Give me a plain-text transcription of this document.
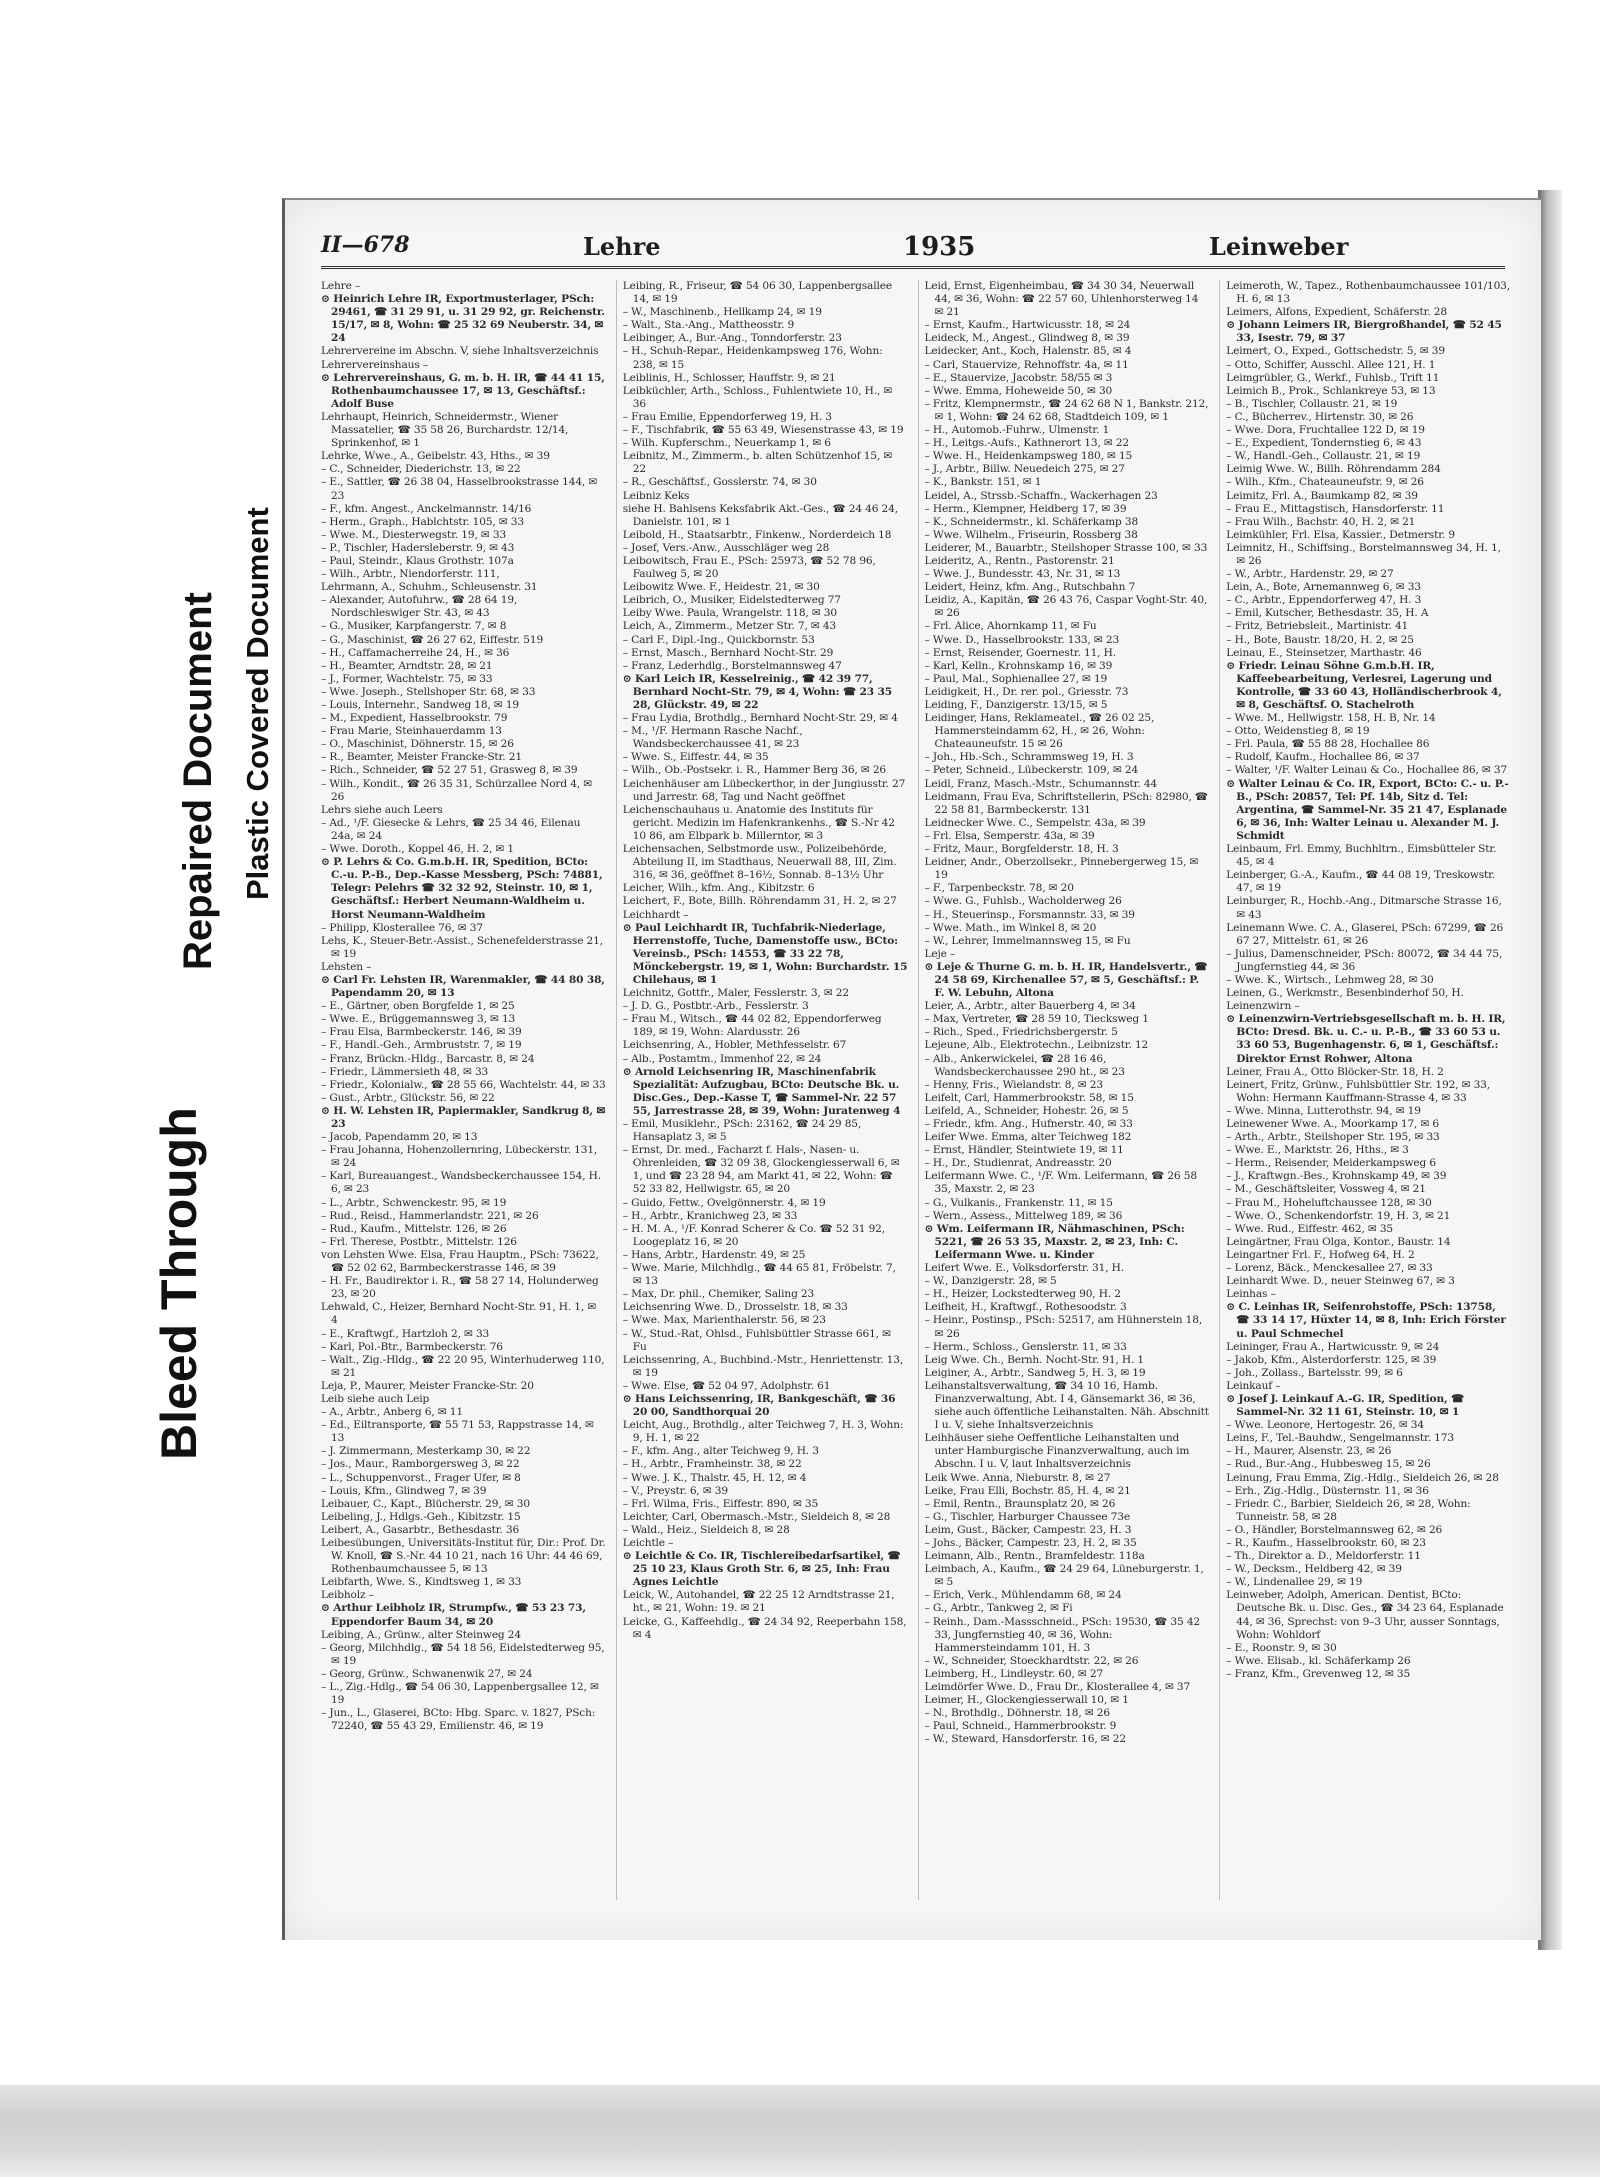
II—678	Lehre	1935	Leinweber

Lehre –

⊙ Heinrich Lehre IR, Exportmusterlager, PSch: 29461, ☎ 31 29 91, u. 31 29 92, gr. Reichenstr. 15/17, ✉ 8, Wohn: ☎ 25 32 69 Neuberstr. 34, ✉ 24

Lehrervereine im Abschn. V, siehe Inhaltsverzeichnis

Lehrervereinshaus –

⊙ Lehrervereinshaus, G. m. b. H. IR, ☎ 44 41 15, Rothenbaumchaussee 17, ✉ 13, Geschäftsf.: Adolf Buse

Lehrhaupt, Heinrich, Schneidermstr., Wiener Massatelier, ☎ 35 58 26, Burchardstr. 12/14, Sprinkenhof, ✉ 1

Lehrke, Wwe., A., Geibelstr. 43, Hths., ✉ 39

– C., Schneider, Diederichstr. 13, ✉ 22

– E., Sattler, ☎ 26 38 04, Hasselbrookstrasse 144, ✉ 23

– F., kfm. Angest., Anckelmannstr. 14/16

– Herm., Graph., Hablchtstr. 105, ✉ 33

– Wwe. M., Diesterwegstr. 19, ✉ 33

– P., Tischler, Hadersleberstr. 9, ✉ 43

– Paul, Steindr., Klaus Grothstr. 107a

– Wilh., Arbtr., Niendorferstr. 111,

Lehrmann, A., Schuhm., Schleusenstr. 31

– Alexander, Autofuhrw., ☎ 28 64 19, Nordschleswiger Str. 43, ✉ 43

– G., Musiker, Karpfangerstr. 7, ✉ 8

– G., Maschinist, ☎ 26 27 62, Eiffestr. 519

– H., Caffamacherreihe 24, H., ✉ 36

– H., Beamter, Arndtstr. 28, ✉ 21

– J., Former, Wachtelstr. 75, ✉ 33

– Wwe. Joseph., Stellshoper Str. 68, ✉ 33

– Louis, Internehr., Sandweg 18, ✉ 19

– M., Expedient, Hasselbrookstr. 79

– Frau Marie, Steinhauerdamm 13

– O., Maschinist, Döhnerstr. 15, ✉ 26

– R., Beamter, Meister Francke-Str. 21

– Rich., Schneider, ☎ 52 27 51, Grasweg 8, ✉ 39

– Wilh., Kondit., ☎ 26 35 31, Schürzallee Nord 4, ✉ 26

Lehrs siehe auch Leers

– Ad., ¹/F. Giesecke & Lehrs, ☎ 25 34 46, Eilenau 24a, ✉ 24

– Wwe. Doroth., Koppel 46, H. 2, ✉ 1

⊙ P. Lehrs & Co. G.m.b.H. IR, Spedition, BCto: C.-u. P.-B., Dep.-Kasse Messberg, PSch: 74881, Telegr: Pelehrs ☎ 32 32 92, Steinstr. 10, ✉ 1, Geschäftsf.: Herbert Neumann-Waldheim u. Horst Neumann-Waldheim

– Philipp, Klosterallee 76, ✉ 37

Lehs, K., Steuer-Betr.-Assist., Schenefelderstrasse 21, ✉ 19

Lehsten –

⊙ Carl Fr. Lehsten IR, Warenmakler, ☎ 44 80 38, Papendamm 20, ✉ 13

– E., Gärtner, oben Borgfelde 1, ✉ 25

– Wwe. E., Brüggemannsweg 3, ✉ 13

– Frau Elsa, Barmbeckerstr. 146, ✉ 39

– F., Handl.-Geh., Armbruststr. 7, ✉ 19

– Franz, Brückn.-Hldg., Barcastr. 8, ✉ 24

– Friedr., Lämmersieth 48, ✉ 33

– Friedr., Kolonialw., ☎ 28 55 66, Wachtelstr. 44, ✉ 33

– Gust., Arbtr., Glückstr. 56, ✉ 22

⊙ H. W. Lehsten IR, Papiermakler, Sandkrug 8, ✉ 23

– Jacob, Papendamm 20, ✉ 13

– Frau Johanna, Hohenzollernring, Lübeckerstr. 131, ✉ 24

– Karl, Bureauangest., Wandsbeckerchaussee 154, H. 6, ✉ 23

– L., Arbtr., Schwenckestr. 95, ✉ 19

– Rud., Reisd., Hammerlandstr. 221, ✉ 26

– Rud., Kaufm., Mittelstr. 126, ✉ 26

– Frl. Therese, Postbtr., Mittelstr. 126

von Lehsten Wwe. Elsa, Frau Hauptm., PSch: 73622, ☎ 52 02 62, Barmbeckerstrasse 146, ✉ 39

– H. Fr., Baudirektor i. R., ☎ 58 27 14, Holunderweg 23, ✉ 20

Lehwald, C., Heizer, Bernhard Nocht-Str. 91, H. 1, ✉ 4

– E., Kraftwgf., Hartzloh 2, ✉ 33

– Karl, Pol.-Btr., Barmbeckerstr. 76

– Walt., Zig.-Hldg., ☎ 22 20 95, Winterhuderweg 110, ✉ 21

Leja, P., Maurer, Meister Francke-Str. 20

Leib siehe auch Leip

– A., Arbtr., Anberg 6, ✉ 11

– Ed., Eiltransporte, ☎ 55 71 53, Rappstrasse 14, ✉ 13

– J. Zimmermann, Mesterkamp 30, ✉ 22

– Jos., Maur., Ramborgersweg 3, ✉ 22

– L., Schuppenvorst., Frager Ufer, ✉ 8

– Louis, Kfm., Glindweg 7, ✉ 39

Leibauer, C., Kapt., Blücherstr. 29, ✉ 30

Leibeling, J., Hdlgs.-Geh., Kibitzstr. 15

Leibert, A., Gasarbtr., Bethesdastr. 36

Leibesübungen, Universitäts-Institut für, Dir.: Prof. Dr. W. Knoll, ☎ S.-Nr. 44 10 21, nach 16 Uhr: 44 46 69, Rothenbaumchaussee 5, ✉ 13

Leibfarth, Wwe. S., Kindtsweg 1, ✉ 33

Leibholz –

⊙ Arthur Leibholz IR, Strumpfw., ☎ 53 23 73, Eppendorfer Baum 34, ✉ 20

Leibing, A., Grünw., alter Steinweg 24

– Georg, Milchhdlg., ☎ 54 18 56, Eidelstedterweg 95, ✉ 19

– Georg, Grünw., Schwanenwik 27, ✉ 24

– L., Zig.-Hdlg., ☎ 54 06 30, Lappenbergsallee 12, ✉ 19

– Jun., L., Glaserei, BCto: Hbg. Sparc. v. 1827, PSch: 72240, ☎ 55 43 29, Emilienstr. 46, ✉ 19

Leibing, R., Friseur, ☎ 54 06 30, Lappenbergsallee 14, ✉ 19

– W., Maschinenb., Hellkamp 24, ✉ 19

– Walt., Sta.-Ang., Mattheosstr. 9

Leibinger, A., Bur.-Ang., Tonndorferstr. 23

– H., Schuh-Repar., Heidenkampsweg 176, Wohn: 238, ✉ 15

Leiblinis, H., Schlosser, Hauffstr. 9, ✉ 21

Leibküchler, Arth., Schloss., Fuhlentwiete 10, H., ✉ 36

– Frau Emilie, Eppendorferweg 19, H. 3

– F., Tischfabrik, ☎ 55 63 49, Wiesenstrasse 43, ✉ 19

– Wilh. Kupferschm., Neuerkamp 1, ✉ 6

Leibnitz, M., Zimmerm., b. alten Schützenhof 15, ✉ 22

– R., Geschäftsf., Gosslerstr. 74, ✉ 30

Leibniz Keks

siehe H. Bahlsens Keksfabrik Akt.-Ges., ☎ 24 46 24, Danielstr. 101, ✉ 1

Leibold, H., Staatsarbtr., Finkenw., Norderdeich 18

– Josef, Vers.-Anw., Ausschläger weg 28

Leibowitsch, Frau E., PSch: 25973, ☎ 52 78 96, Faulweg 5, ✉ 20

Leibowitz Wwe. F., Heidestr. 21, ✉ 30

Leibrich, O., Musiker, Eidelstedterweg 77

Leiby Wwe. Paula, Wrangelstr. 118, ✉ 30

Leich, A., Zimmerm., Metzer Str. 7, ✉ 43

– Carl F., Dipl.-Ing., Quickbornstr. 53

– Ernst, Masch., Bernhard Nocht-Str. 29

– Franz, Lederhdlg., Borstelmannsweg 47

⊙ Karl Leich IR, Kesselreinig., ☎ 42 39 77, Bernhard Nocht-Str. 79, ✉ 4, Wohn: ☎ 23 35 28, Glückstr. 49, ✉ 22

– Frau Lydia, Brothdlg., Bernhard Nocht-Str. 29, ✉ 4

– M., ¹/F. Hermann Rasche Nachf., Wandsbeckerchaussee 41, ✉ 23

– Wwe. S., Eiffestr. 44, ✉ 35

– Wilh., Ob.-Postsekr. i. R., Hammer Berg 36, ✉ 26

Leichenhäuser am Lübeckerthor, in der Jungiusstr. 27 und Jarrestr. 68, Tag und Nacht geöffnet

Leichenschauhaus u. Anatomie des Instituts für gericht. Medizin im Hafenkrankenhs., ☎ S.-Nr 42 10 86, am Elbpark b. Millerntor, ✉ 3

Leichensachen, Selbstmorde usw., Polizeibehörde, Abteilung II, im Stadthaus, Neuerwall 88, III, Zim. 316, ✉ 36, geöffnet 8–16½, Sonnab. 8–13½ Uhr

Leicher, Wilh., kfm. Ang., Kibitzstr. 6

Leichert, F., Bote, Billh. Röhrendamm 31, H. 2, ✉ 27

Leichhardt –

⊙ Paul Leichhardt IR, Tuchfabrik-Niederlage, Herrenstoffe, Tuche, Damenstoffe usw., BCto: Vereinsb., PSch: 14553, ☎ 33 22 78, Mönckebergstr. 19, ✉ 1, Wohn: Burchardstr. 15 Chilehaus, ✉ 1

Leichnitz, Gottfr., Maler, Fesslerstr. 3, ✉ 22

– J. D. G., Postbtr.-Arb., Fesslerstr. 3

– Frau M., Witsch., ☎ 44 02 82, Eppendorferweg 189, ✉ 19, Wohn: Alardusstr. 26

Leichsenring, A., Hobler, Methfesselstr. 67

– Alb., Postamtm., Immenhof 22, ✉ 24

⊙ Arnold Leichsenring IR, Maschinenfabrik Spezialität: Aufzugbau, BCto: Deutsche Bk. u. Disc.Ges., Dep.-Kasse T, ☎ Sammel-Nr. 22 57 55, Jarrestrasse 28, ✉ 39, Wohn: Juratenweg 4

– Emil, Musiklehr., PSch: 23162, ☎ 24 29 85, Hansaplatz 3, ✉ 5

– Ernst, Dr. med., Facharzt f. Hals-, Nasen- u. Ohrenleiden, ☎ 32 09 38, Glockengiesserwall 6, ✉ 1, und ☎ 23 28 94, am Markt 41, ✉ 22, Wohn: ☎ 52 33 82, Hellwigstr. 65, ✉ 20

– Guido, Fettw., Ovelgönnerstr. 4, ✉ 19

– H., Arbtr., Kranichweg 23, ✉ 33

– H. M. A., ¹/F. Konrad Scherer & Co. ☎ 52 31 92, Loogeplatz 16, ✉ 20

– Hans, Arbtr., Hardenstr. 49, ✉ 25

– Wwe. Marie, Milchhdlg., ☎ 44 65 81, Fröbelstr. 7, ✉ 13

– Max, Dr. phil., Chemiker, Saling 23

Leichsenring Wwe. D., Drosselstr. 18, ✉ 33

– Wwe. Max, Marienthalerstr. 56, ✉ 23

– W., Stud.-Rat, Ohlsd., Fuhlsbüttler Strasse 661, ✉ Fu

Leichssenring, A., Buchbind.-Mstr., Henriettenstr. 13, ✉ 19

– Wwe. Else, ☎ 52 04 97, Adolphstr. 61

⊙ Hans Leichssenring, IR, Bankgeschäft, ☎ 36 20 00, Sandthorquai 20

Leicht, Aug., Brothdlg., alter Teichweg 7, H. 3, Wohn: 9, H. 1, ✉ 22

– F., kfm. Ang., alter Teichweg 9, H. 3

– H., Arbtr., Framheinstr. 38, ✉ 22

– Wwe. J. K., Thalstr. 45, H. 12, ✉ 4

– V., Preystr. 6, ✉ 39

– Frl. Wilma, Fris., Eiffestr. 890, ✉ 35

Leichter, Carl, Obermasch.-Mstr., Sieldeich 8, ✉ 28

– Wald., Heiz., Sieldeich 8, ✉ 28

Leichtle –

⊙ Leichtle & Co. IR, Tischlereibedarfsartikel, ☎ 25 10 23, Klaus Groth Str. 6, ✉ 25, Inh: Frau Agnes Leichtle

Leick, W., Autohandel, ☎ 22 25 12 Arndtstrasse 21, ht., ✉ 21, Wohn: 19. ✉ 21

Leicke, G., Kaffeehdlg., ☎ 24 34 92, Reeperbahn 158, ✉ 4

Leid, Ernst, Eigenheimbau, ☎ 34 30 34, Neuerwall 44, ✉ 36, Wohn: ☎ 22 57 60, Uhlenhorsterweg 14 ✉ 21

– Ernst, Kaufm., Hartwicusstr. 18, ✉ 24

Leideck, M., Angest., Glindweg 8, ✉ 39

Leidecker, Ant., Koch, Halenstr. 85, ✉ 4

– Carl, Stauervize, Rehnoffstr. 4a, ✉ 11

– E., Stauervize, Jacobstr. 58/55 ✉ 3

– Wwe. Emma, Hoheweide 50, ✉ 30

– Fritz, Klempnermstr., ☎ 24 62 68 N 1, Bankstr. 212, ✉ 1, Wohn: ☎ 24 62 68, Stadtdeich 109, ✉ 1

– H., Automob.-Fuhrw., Ulmenstr. 1

– H., Leitgs.-Aufs., Kathnerort 13, ✉ 22

– Wwe. H., Heidenkampsweg 180, ✉ 15

– J., Arbtr., Billw. Neuedeich 275, ✉ 27

– K., Bankstr. 151, ✉ 1

Leidel, A., Strssb.-Schaffn., Wackerhagen 23

– Herm., Klempner, Heidberg 17, ✉ 39

– K., Schneidermstr., kl. Schäferkamp 38

– Wwe. Wilhelm., Friseurin, Rossberg 38

Leiderer, M., Bauarbtr., Steilshoper Strasse 100, ✉ 33

Leideritz, A., Rentn., Pastorenstr. 21

– Wwe. J., Bundesstr. 43, Nr. 31, ✉ 13

Leidert, Heinz, kfm. Ang., Rutschbahn 7

Leidiz, A., Kapitän, ☎ 26 43 76, Caspar Voght-Str. 40, ✉ 26

– Frl. Alice, Ahornkamp 11, ✉ Fu

– Wwe. D., Hasselbrookstr. 133, ✉ 23

– Ernst, Reisender, Goernestr. 11, H.

– Karl, Kelln., Krohnskamp 16, ✉ 39

– Paul, Mal., Sophienallee 27, ✉ 19

Leidigkeit, H., Dr. rer. pol., Griesstr. 73

Leiding, F., Danzigerstr. 13/15, ✉ 5

Leidinger, Hans, Reklameatel., ☎ 26 02 25, Hammersteindamm 62, H., ✉ 26, Wohn: Chateauneufstr. 15 ✉ 26

– Joh., Hb.-Sch., Schrammsweg 19, H. 3

– Peter, Schneid., Lübeckerstr. 109, ✉ 24

Leidl, Franz, Masch.-Mstr., Schumannstr. 44

Leidmann, Frau Eva, Schriftstellerin, PSch: 82980, ☎ 22 58 81, Barmbeckerstr. 131

Leidnecker Wwe. C., Sempelstr. 43a, ✉ 39

– Frl. Elsa, Semperstr. 43a, ✉ 39

– Fritz, Maur., Borgfelderstr. 18, H. 3

Leidner, Andr., Oberzollsekr., Pinnebergerweg 15, ✉ 19

– F., Tarpenbeckstr. 78, ✉ 20

– Wwe. G., Fuhlsb., Wacholderweg 26

– H., Steuerinsp., Forsmannstr. 33, ✉ 39

– Wwe. Math., im Winkel 8, ✉ 20

– W., Lehrer, Immelmannsweg 15, ✉ Fu

Leje –

⊙ Leje & Thurne G. m. b. H. IR, Handelsvertr., ☎ 24 58 69, Kirchenallee 57, ✉ 5, Geschäftsf.: P. F. W. Lebuhn, Altona

Leier, A., Arbtr., alter Bauerberg 4, ✉ 34

– Max, Vertreter, ☎ 28 59 10, Tiecksweg 1

– Rich., Sped., Friedrichsbergerstr. 5

Lejeune, Alb., Elektrotechn., Leibnizstr. 12

– Alb., Ankerwickelei, ☎ 28 16 46, Wandsbeckerchaussee 290 ht., ✉ 23

– Henny, Fris., Wielandstr. 8, ✉ 23

Leifelt, Carl, Hammerbrookstr. 58, ✉ 15

Leifeld, A., Schneider, Hohestr. 26, ✉ 5

– Friedr., kfm. Ang., Hufnerstr. 40, ✉ 33

Leifer Wwe. Emma, alter Teichweg 182

– Ernst, Händler, Steintwiete 19, ✉ 11

– H., Dr., Studienrat, Andreasstr. 20

Leifermann Wwe. C., ¹/F. Wm. Leifermann, ☎ 26 58 35, Maxstr. 2, ✉ 23

– G., Vulkanis., Frankenstr. 11, ✉ 15

– Wern., Assess., Mittelweg 189, ✉ 36

⊙ Wm. Leifermann IR, Nähmaschinen, PSch: 5221, ☎ 26 53 35, Maxstr. 2, ✉ 23, Inh: C. Leifermann Wwe. u. Kinder

Leifert Wwe. E., Volksdorferstr. 31, H.

– W., Danzigerstr. 28, ✉ 5

– H., Heizer, Lockstedterweg 90, H. 2

Leifheit, H., Kraftwgf., Rothesoodstr. 3

– Heinr., Postinsp., PSch: 52517, am Hühnerstein 18, ✉ 26

– Herm., Schloss., Genslerstr. 11, ✉ 33

Leig Wwe. Ch., Bernh. Nocht-Str. 91, H. 1

Leiginer, A., Arbtr., Sandweg 5, H. 3, ✉ 19

Leihanstaltsverwaltung, ☎ 34 10 16, Hamb. Finanzverwaltung, Abt. I 4, Gänsemarkt 36, ✉ 36, siehe auch öffentliche Leihanstalten. Näh. Abschnitt I u. V, siehe Inhaltsverzeichnis

Leihhäuser siehe Oeffentliche Leihanstalten und unter Hamburgische Finanzverwaltung, auch im Abschn. I u. V, laut Inhaltsverzeichnis

Leik Wwe. Anna, Nieburstr. 8, ✉ 27

Leike, Frau Elli, Bochstr. 85, H. 4, ✉ 21

– Emil, Rentn., Braunsplatz 20, ✉ 26

– G., Tischler, Harburger Chaussee 73e

Leim, Gust., Bäcker, Campestr. 23, H. 3

– Johs., Bäcker, Campestr. 23, H. 2, ✉ 35

Leimann, Alb., Rentn., Bramfeldestr. 118a

Leimbach, A., Kaufm., ☎ 24 29 64, Lüneburgerstr. 1, ✉ 5

– Erich, Verk., Mühlendamm 68, ✉ 24

– G., Arbtr., Tankweg 2, ✉ Fi

– Reinh., Dam.-Massschneid., PSch: 19530, ☎ 35 42 33, Jungfernstieg 40, ✉ 36, Wohn: Hammersteindamm 101, H. 3

– W., Schneider, Stoeckhardtstr. 22, ✉ 26

Leimberg, H., Lindleystr. 60, ✉ 27

Leimdörfer Wwe. D., Frau Dr., Klosterallee 4, ✉ 37

Leimer, H., Glockengiesserwall 10, ✉ 1

– N., Brothdlg., Döhnerstr. 18, ✉ 26

– Paul, Schneid., Hammerbrookstr. 9

– W., Steward, Hansdorferstr. 16, ✉ 22

Leimeroth, W., Tapez., Rothenbaumchaussee 101/103, H. 6, ✉ 13

Leimers, Alfons, Expedient, Schäferstr. 28

⊙ Johann Leimers IR, Biergroßhandel, ☎ 52 45 33, Isestr. 79, ✉ 37

Leimert, O., Exped., Gottschedstr. 5, ✉ 39

– Otto, Schiffer, Ausschl. Allee 121, H. 1

Leimgrübler, G., Werkf., Fuhlsb., Trift 11

Leimich B., Prok., Schlankreye 53, ✉ 13

– B., Tischler, Collaustr. 21, ✉ 19

– C., Bücherrev., Hirtenstr. 30, ✉ 26

– Wwe. Dora, Fruchtallee 122 D, ✉ 19

– E., Expedient, Tondernstieg 6, ✉ 43

– W., Handl.-Geh., Collaustr. 21, ✉ 19

Leimig Wwe. W., Billh. Röhrendamm 284

– Wilh., Kfm., Chateauneufstr. 9, ✉ 26

Leimitz, Frl. A., Baumkamp 82, ✉ 39

– Frau E., Mittagstisch, Hansdorferstr. 11

– Frau Wilh., Bachstr. 40, H. 2, ✉ 21

Leimkühler, Frl. Elsa, Kassier., Detmerstr. 9

Leimnitz, H., Schiffsing., Borstelmannsweg 34, H. 1, ✉ 26

– W., Arbtr., Hardenstr. 29, ✉ 27

Lein, A., Bote, Arnemannweg 6, ✉ 33

– C., Arbtr., Eppendorferweg 47, H. 3

– Emil, Kutscher, Bethesdastr. 35, H. A

– Fritz, Betriebsleit., Martinistr. 41

– H., Bote, Baustr. 18/20, H. 2, ✉ 25

Leinau, E., Steinsetzer, Marthastr. 46

⊙ Friedr. Leinau Söhne G.m.b.H. IR, Kaffeebearbeitung, Verlesrei, Lagerung und Kontrolle, ☎ 33 60 43, Holländischerbrook 4, ✉ 8, Geschäftsf. O. Stachelroth

– Wwe. M., Hellwigstr. 158, H. B, Nr. 14

– Otto, Weidenstieg 8, ✉ 19

– Frl. Paula, ☎ 55 88 28, Hochallee 86

– Rudolf, Kaufm., Hochallee 86, ✉ 37

– Walter, ¹/F. Walter Leinau & Co., Hochallee 86, ✉ 37

⊙ Walter Leinau & Co. IR, Export, BCto: C.- u. P.-B., PSch: 20857, Tel: Pf. 14b, Sitz d. Tel: Argentina, ☎ Sammel-Nr. 35 21 47, Esplanade 6, ✉ 36, Inh: Walter Leinau u. Alexander M. J. Schmidt

Leinbaum, Frl. Emmy, Buchhltrn., Eimsbütteler Str. 45, ✉ 4

Leinberger, G.-A., Kaufm., ☎ 44 08 19, Treskowstr. 47, ✉ 19

Leinburger, R., Hochb.-Ang., Ditmarsche Strasse 16, ✉ 43

Leinemann Wwe. C. A., Glaserei, PSch: 67299, ☎ 26 67 27, Mittelstr. 61, ✉ 26

– Julius, Damenschneider, PSch: 80072, ☎ 34 44 75, Jungfernstieg 44, ✉ 36

– Wwe. K., Wirtsch., Lehmweg 28, ✉ 30

Leinen, G., Werkmstr., Besenbinderhof 50, H.

Leinenzwirn –

⊙ Leinenzwirn-Vertriebsgesellschaft m. b. H. IR, BCto: Dresd. Bk. u. C.- u. P.-B., ☎ 33 60 53 u. 33 60 53, Bugenhagenstr. 6, ✉ 1, Geschäftsf.: Direktor Ernst Rohwer, Altona

Leiner, Frau A., Otto Blöcker-Str. 18, H. 2

Leinert, Fritz, Grünw., Fuhlsbüttler Str. 192, ✉ 33, Wohn: Hermann Kauffmann-Strasse 4, ✉ 33

– Wwe. Minna, Lutterothstr. 94, ✉ 19

Leinewener Wwe. A., Moorkamp 17, ✉ 6

– Arth., Arbtr., Steilshoper Str. 195, ✉ 33

– Wwe. E., Marktstr. 26, Hths., ✉ 3

– Herm., Reisender, Meiderkampsweg 6

– J., Kraftwgn.-Bes., Krohnskamp 49, ✉ 39

– M., Geschäftsleiter, Vossweg 4, ✉ 21

– Frau M., Hoheluftchaussee 128, ✉ 30

– Wwe. O., Schenkendorfstr. 19, H. 3, ✉ 21

– Wwe. Rud., Eiffestr. 462, ✉ 35

Leingärtner, Frau Olga, Kontor., Baustr. 14

Leingartner Frl. F., Hofweg 64, H. 2

– Lorenz, Bäck., Menckesallee 27, ✉ 33

Leinhardt Wwe. D., neuer Steinweg 67, ✉ 3

Leinhas –

⊙ C. Leinhas IR, Seifenrohstoffe, PSch: 13758, ☎ 33 14 17, Hüxter 14, ✉ 8, Inh: Erich Förster u. Paul Schmechel

Leininger, Frau A., Hartwicusstr. 9, ✉ 24

– Jakob, Kfm., Alsterdorferstr. 125, ✉ 39

– Joh., Zollass., Bartelsstr. 99, ✉ 6

Leinkauf –

⊙ Josef J. Leinkauf A.-G. IR, Spedition, ☎ Sammel-Nr. 32 11 61, Steinstr. 10, ✉ 1

– Wwe. Leonore, Hertogestr. 26, ✉ 34

Leins, F., Tel.-Bauhdw., Sengelmannstr. 173

– H., Maurer, Alsenstr. 23, ✉ 26

– Rud., Bur.-Ang., Hubbesweg 15, ✉ 26

Leinung, Frau Emma, Zig.-Hdlg., Sieldeich 26, ✉ 28

– Erh., Zig.-Hdlg., Düsternstr. 11, ✉ 36

– Friedr. C., Barbier, Sieldeich 26, ✉ 28, Wohn: Tunneistr. 58, ✉ 28

– O., Händler, Borstelmannsweg 62, ✉ 26

– R., Kaufm., Hasselbrookstr. 60, ✉ 23

– Th., Direktor a. D., Meldorferstr. 11

– W., Decksm., Heldberg 42, ✉ 39

– W., Lindenallee 29, ✉ 19

Leinweber, Adolph, American. Dentist, BCto: Deutsche Bk. u. Disc. Ges., ☎ 34 23 64, Esplanade 44, ✉ 36, Sprechst: von 9–3 Uhr, ausser Sonntags, Wohn: Wohldorf

– E., Roonstr. 9, ✉ 30

– Wwe. Elisab., kl. Schäferkamp 26

– Franz, Kfm., Grevenweg 12, ✉ 35

Bleed Through
Repaired Document Plastic Covered Document
